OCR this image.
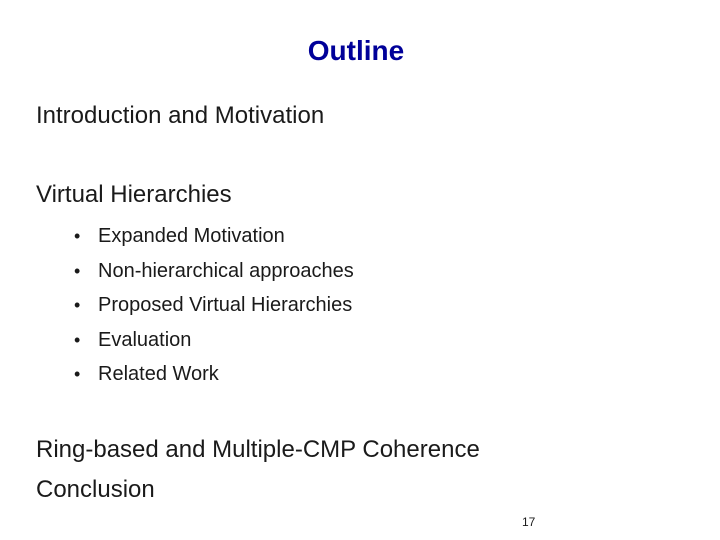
Outline
Introduction and Motivation
Virtual Hierarchies
• Expanded Motivation
• Non-hierarchical approaches
• Proposed Virtual Hierarchies
• Evaluation
• Related Work
Ring-based and Multiple-CMP Coherence
Conclusion
17
